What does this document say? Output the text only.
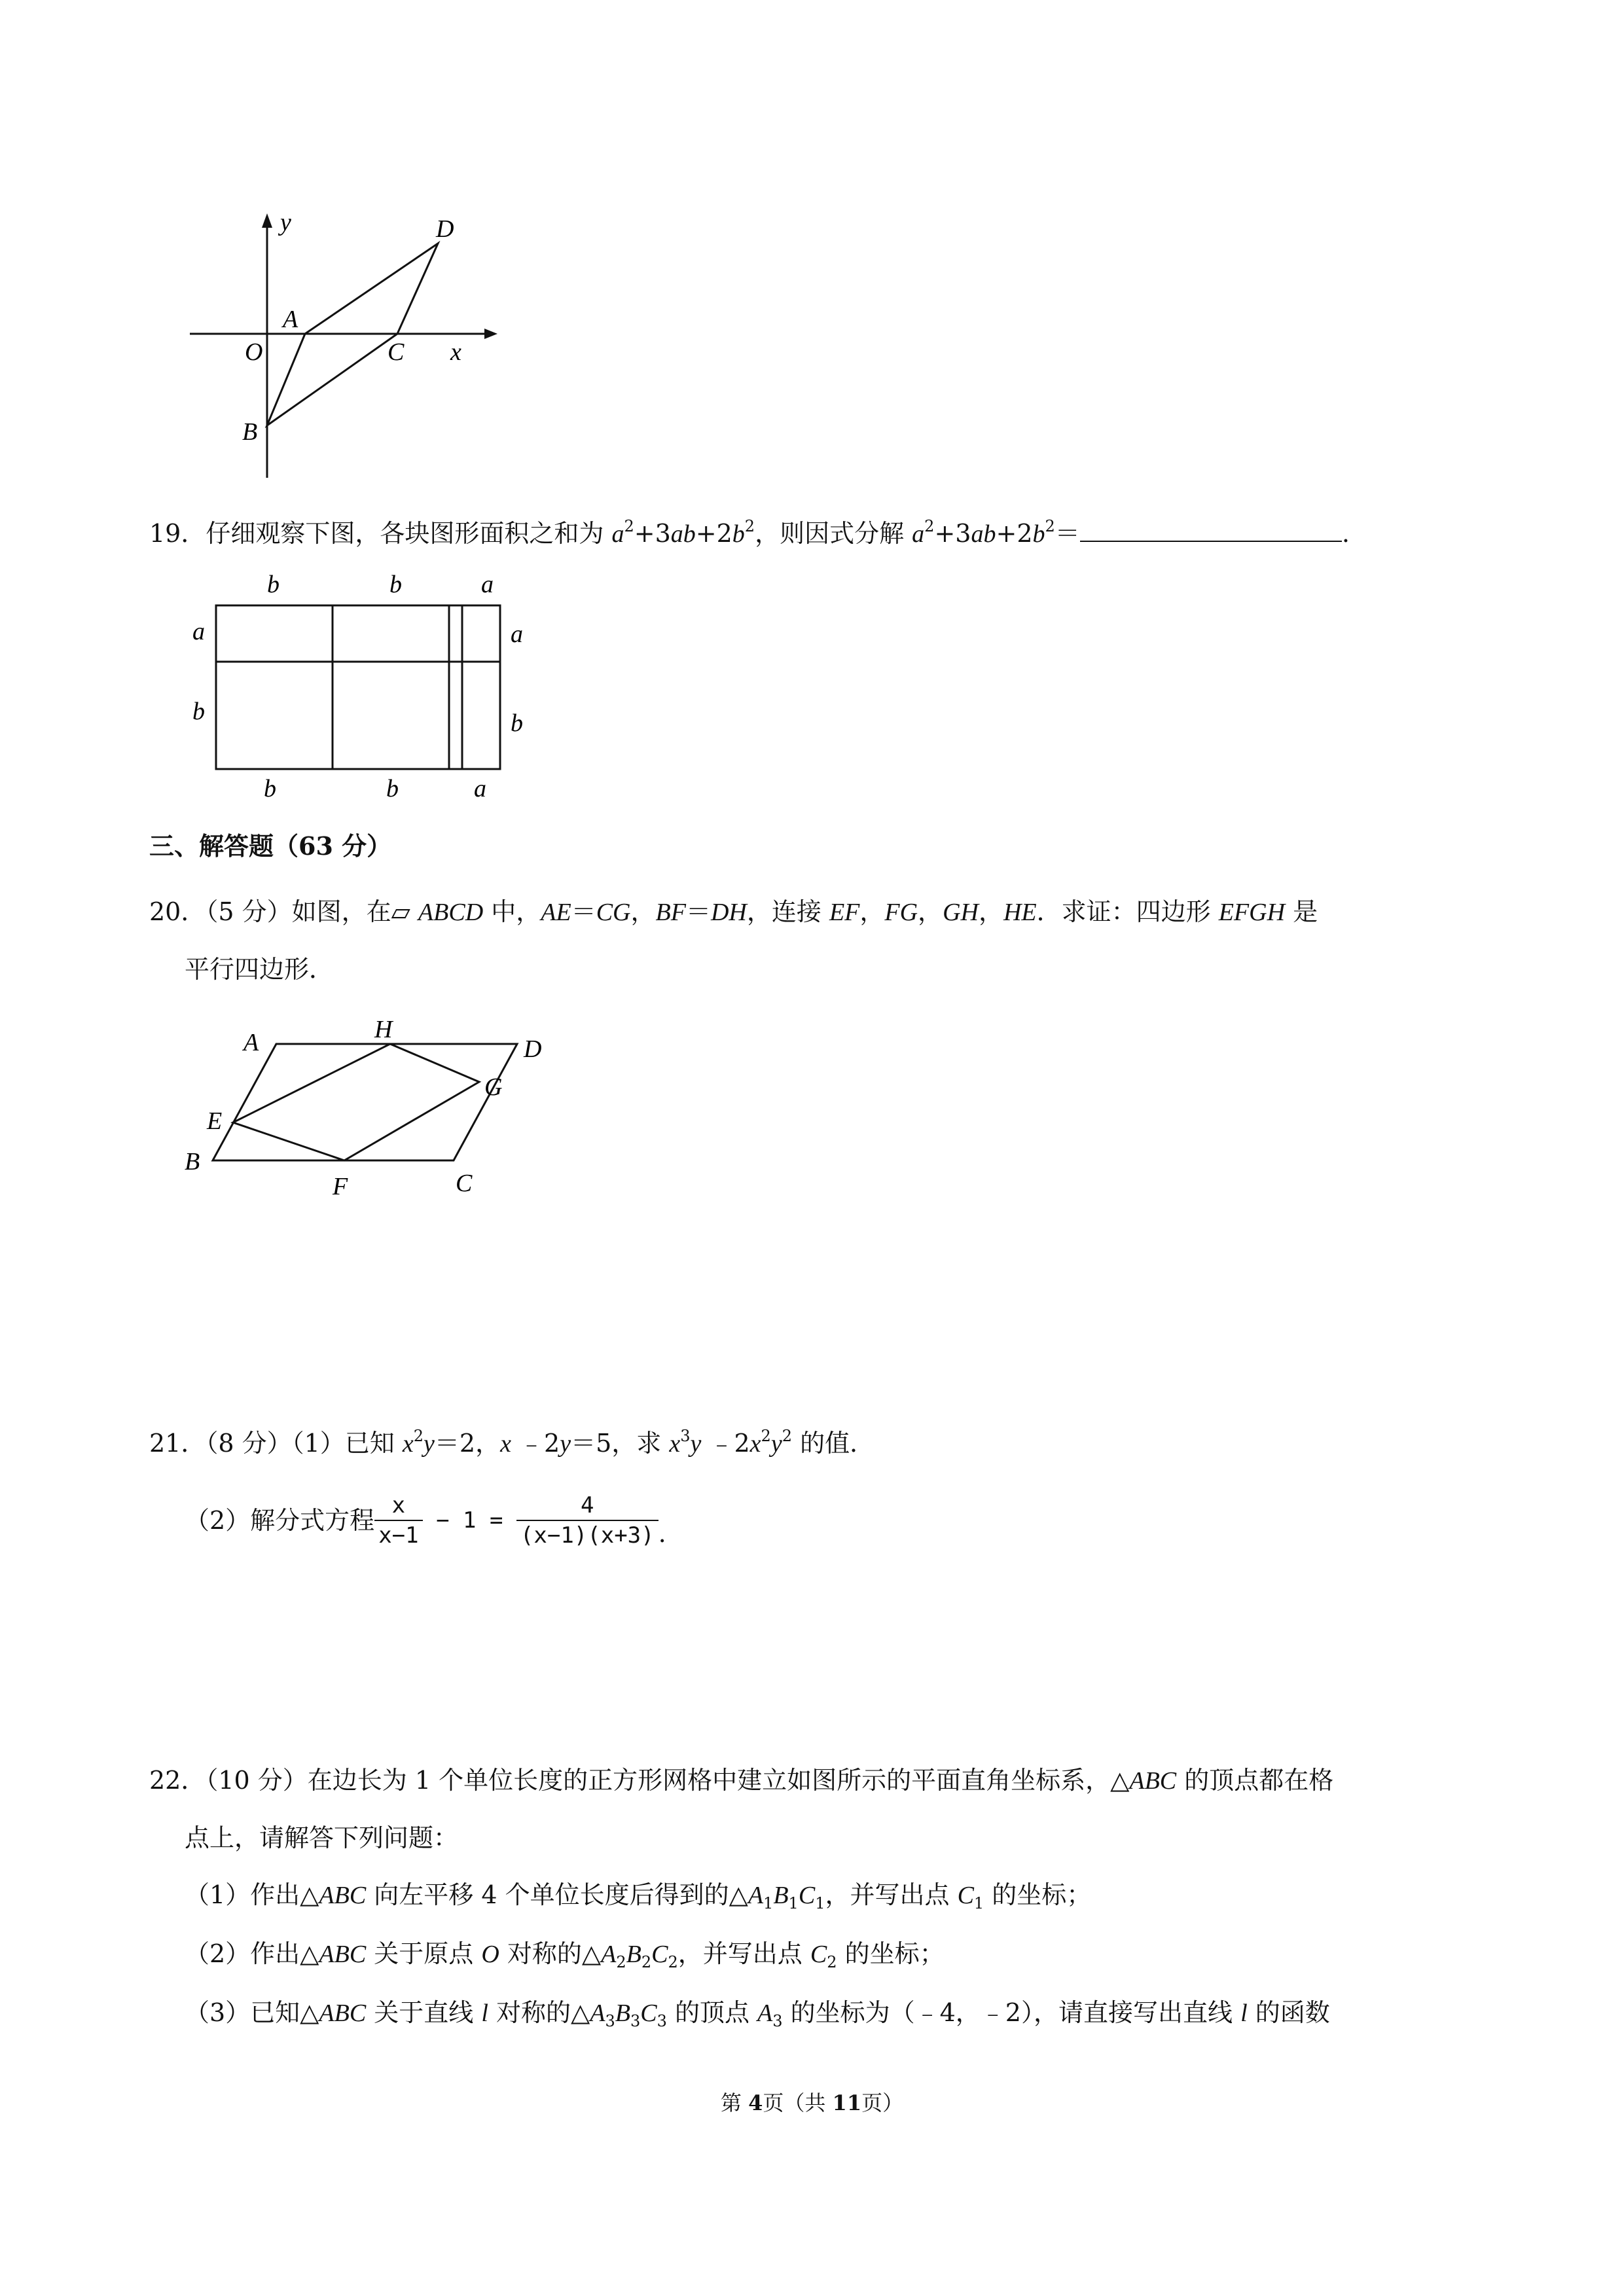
y
x
O
A
B
C
D
19．仔细观察下图，各块图形面积之和为 $a^2+3ab+2b^2$，则因式分解 $a^2+3ab+2b^2=$	.
b	b	a
b	b	a
a
b
a
b
三、解答题（63 分）
20．（5 分）如图，在▱ ABCD 中，AE＝CG，BF＝DH，连接 EF，FG，GH，HE．求证：四边形 EFGH 是
平行四边形．
A	H
D
G
E
B
F	C
21．（8 分）（1）已知 $x^2y=2$，x ﹣2y＝5，求 $x^3y$ $﹣2x^2y^2$ 的值．
（2）解分式方程 $\frac{x}{x-1} - 1 = \frac{4}{(x-1)(x+3)}$ .
22．（10 分）在边长为 1 个单位长度的正方形网格中建立如图所示的平面直角坐标系，△ABC 的顶点都在格
点上，请解答下列问题：
（1）作出△ABC 向左平移 4 个单位长度后得到的$\triangle A_1B_1C_1$，并写出点 $C_1$ 的坐标；
（2）作出△ABC 关于原点 O 对称的$\triangle A_2B_2C_2$，并写出点 $C_2$ 的坐标；
（3）已知△ABC 关于直线 l 对称的$\triangle A_3B_3C_3$ 的顶点 $A_3$ 的坐标为（﹣4，﹣2），请直接写出直线 l 的函数
第 4页（共 11页）
